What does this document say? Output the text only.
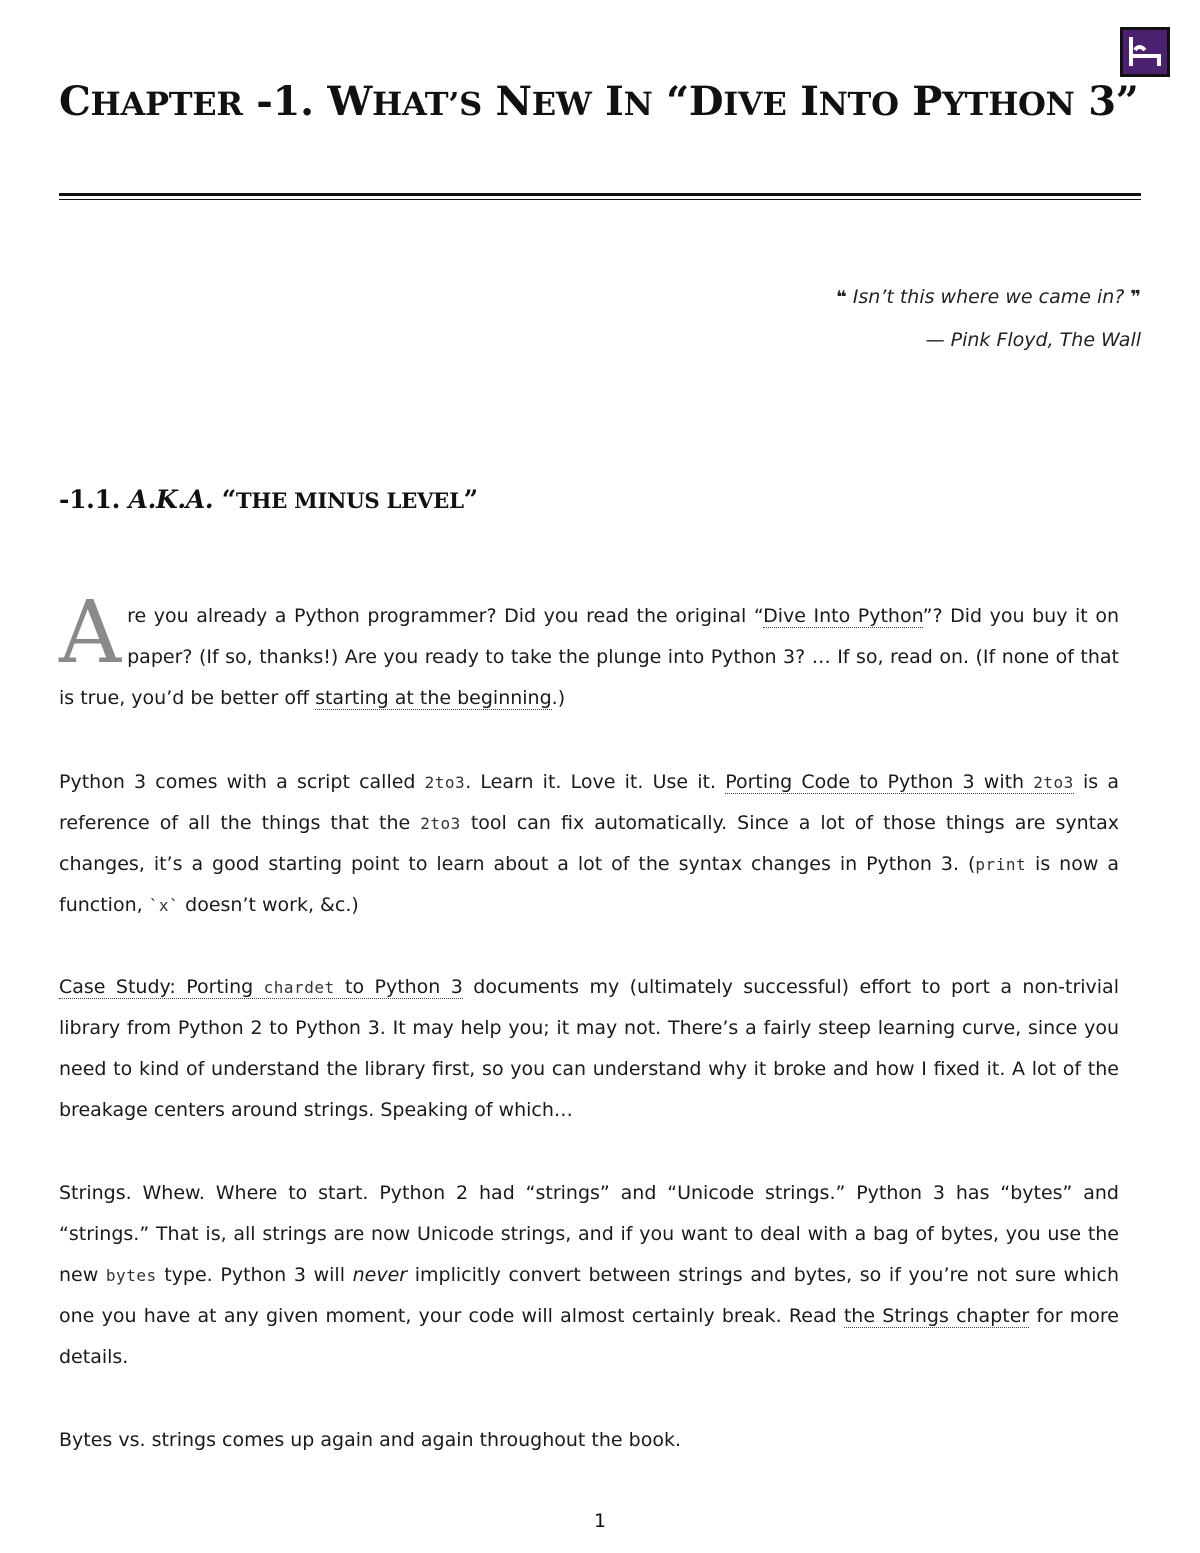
CHAPTER -1. WHAT’S NEW IN “DIVE INTO PYTHON 3”
❝ Isn’t this where we came in? ❞
— Pink Floyd, The Wall
-1.1. A.K.A. “THE MINUS LEVEL”

Are you already a Python programmer? Did you read the original “Dive Into Python”? Did you buy it on paper? (If so, thanks!) Are you ready to take the plunge into Python 3? … If so, read on. (If none of that is true, you’d be better off starting at the beginning.)

Python 3 comes with a script called 2to3. Learn it. Love it. Use it. Porting Code to Python 3 with 2to3 is a reference of all the things that the 2to3 tool can fix automatically. Since a lot of those things are syntax changes, it’s a good starting point to learn about a lot of the syntax changes in Python 3. (print is now a function, `x` doesn’t work, &c.)

Case Study: Porting chardet to Python 3 documents my (ultimately successful) effort to port a non-trivial library from Python 2 to Python 3. It may help you; it may not. There’s a fairly steep learning curve, since you need to kind of understand the library first, so you can understand why it broke and how I fixed it. A lot of the breakage centers around strings. Speaking of which…

Strings. Whew. Where to start. Python 2 had “strings” and “Unicode strings.” Python 3 has “bytes” and “strings.” That is, all strings are now Unicode strings, and if you want to deal with a bag of bytes, you use the new bytes type. Python 3 will never implicitly convert between strings and bytes, so if you’re not sure which one you have at any given moment, your code will almost certainly break. Read the Strings chapter for more details.

Bytes vs. strings comes up again and again throughout the book.

1
